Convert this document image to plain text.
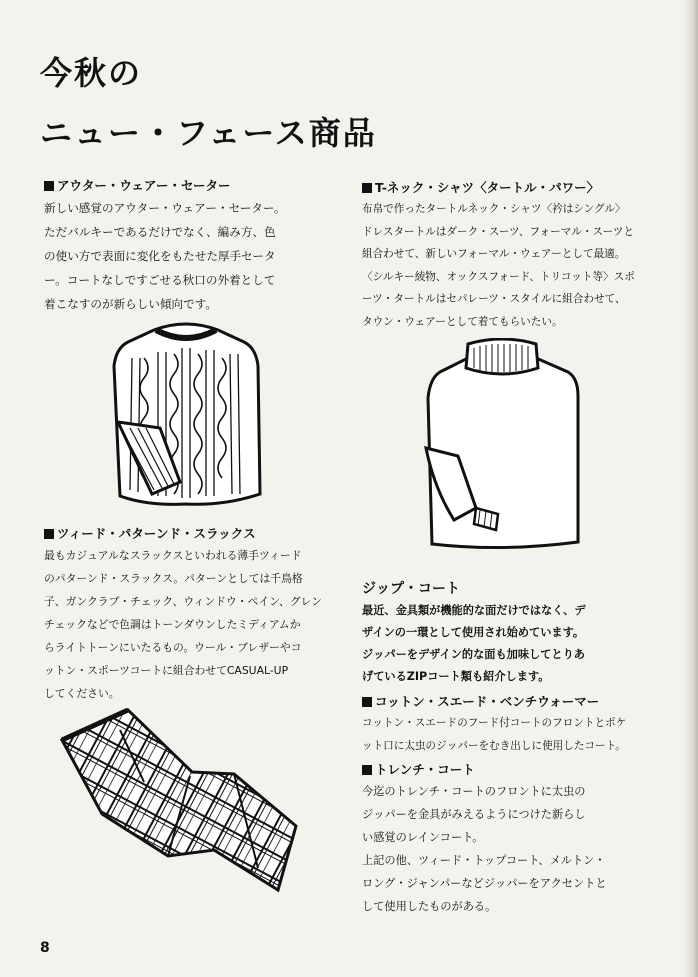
今秋の
ニュー・フェース商品
アウター・ウェアー・セーター
新しい感覚のアウター・ウェアー・セーター。
ただバルキーであるだけでなく、編み方、色
の使い方で表面に変化をもたせた厚手セータ
ー。コートなしですごせる秋口の外着として
着こなすのが新らしい傾向です。
ツィード・パターンド・スラックス
最もカジュアルなスラックスといわれる薄手ツィード
のパターンド・スラックス。パターンとしては千鳥格
子、ガンクラブ・チェック、ウィンドウ・ペイン、グレン
チェックなどで色調はトーンダウンしたミディアムか
らライトトーンにいたるもの。ウール・ブレザーやコ
ットン・スポーツコートに組合わせてCASUAL-UP
してください。
T-ネック・シャツ〈タートル・パワー〉
布帛で作ったタートルネック・シャツ〈衿はシングル〉
ドレスタートルはダーク・スーツ、フォーマル・スーツと
組合わせて、新しいフォーマル・ウェアーとして最適。
〈シルキー綾物、オックスフォード、トリコット等〉スポ
ーツ・タートルはセパレーツ・スタイルに組合わせて、
タウン・ウェアーとして着てもらいたい。
ジップ・コート
最近、金具類が機能的な面だけではなく、デ
ザインの一環として使用され始めています。
ジッパーをデザイン的な面も加味してとりあ
げているZIPコート類も紹介します。
コットン・スエード・ベンチウォーマー
コットン・スエードのフード付コートのフロントとポケ
ット口に太虫のジッパーをむき出しに使用したコート。
トレンチ・コート
今迄のトレンチ・コートのフロントに太虫の
ジッパーを金具がみえるようにつけた新らし
い感覚のレインコート。
上記の他、ツィード・トップコート、メルトン・
ロング・ジャンパーなどジッパーをアクセントと
して使用したものがある。
8
